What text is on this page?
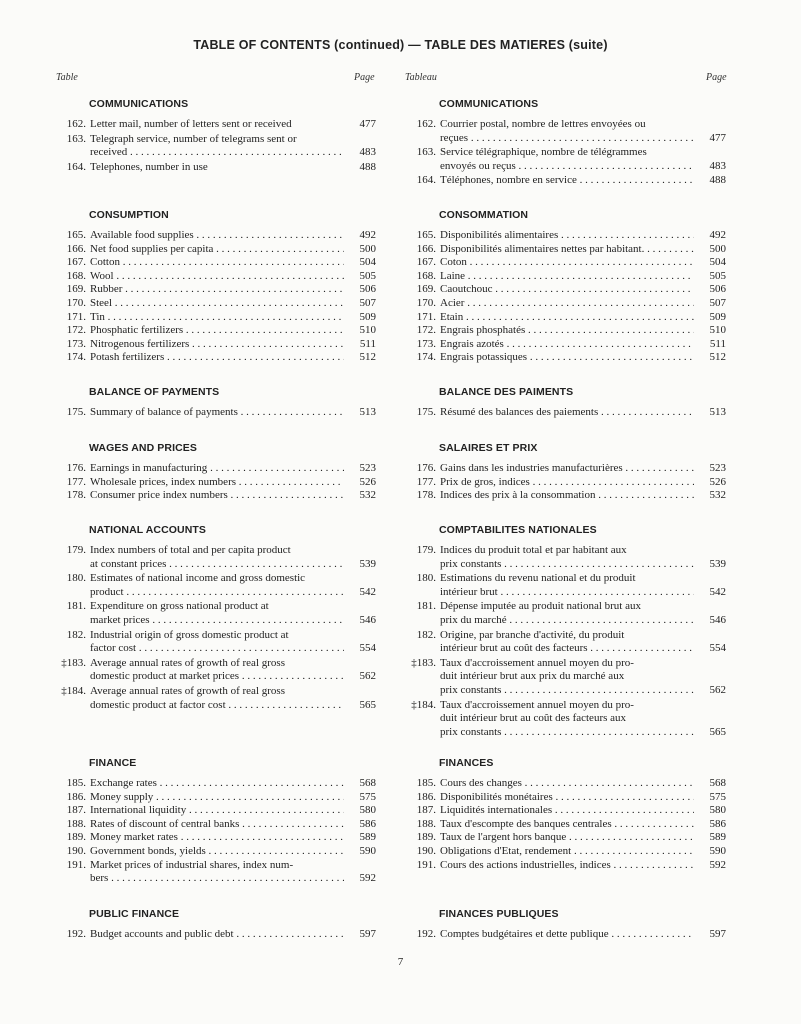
TABLE OF CONTENTS (continued) — TABLE DES MATIERES (suite)
Table	Page	Tableau	Page
COMMUNICATIONS
162. Letter mail, number of letters sent or received	477
163. Telegraph service, number of telegrams sent or
received . . .	483
164. Telephones, number in use	488
CONSUMPTION
165. Available food supplies . . .	492
166. Net food supplies per capita . . .	500
167. Cotton . . .	504
168. Wool . . .	505
169. Rubber . . .	506
170. Steel . . .	507
171. Tin . . .	509
172. Phosphatic fertilizers . . .	510
173. Nitrogenous fertilizers . . .	511
174. Potash fertilizers . . .	512
BALANCE OF PAYMENTS
175. Summary of balance of payments . . .	513
WAGES AND PRICES
176. Earnings in manufacturing . . .	523
177. Wholesale prices, index numbers . . .	526
178. Consumer price index numbers . . .	532
NATIONAL ACCOUNTS
179. Index numbers of total and per capita product
at constant prices . . .	539
180. Estimates of national income and gross domestic
product . . .	542
181. Expenditure on gross national product at
market prices . . .	546
182. Industrial origin of gross domestic product at
factor cost . . .	554
‡183. Average annual rates of growth of real gross
domestic product at market prices . . .	562
‡184. Average annual rates of growth of real gross
domestic product at factor cost . . .	565
FINANCE
185. Exchange rates . . .	568
186. Money supply . . .	575
187. International liquidity . . .	580
188. Rates of discount of central banks . . .	586
189. Money market rates . . .	589
190. Government bonds, yields . . .	590
191. Market prices of industrial shares, index num-
bers . . .	592
PUBLIC FINANCE
192. Budget accounts and public debt . . .	597
COMMUNICATIONS
162. Courrier postal, nombre de lettres envoyées ou
reçues . . .	477
163. Service télégraphique, nombre de télégrammes
envoyés ou reçus . . .	483
164. Téléphones, nombre en service . . .	488
CONSOMMATION
165. Disponibilités alimentaires . . .	492
166. Disponibilités alimentaires nettes par habitant. . . .	500
167. Coton . . .	504
168. Laine . . .	505
169. Caoutchouc . . .	506
170. Acier . . .	507
171. Etain . . .	509
172. Engrais phosphatés . . .	510
173. Engrais azotés . . .	511
174. Engrais potassiques . . .	512
BALANCE DES PAIMENTS
175. Résumé des balances des paiements . . .	513
SALAIRES ET PRIX
176. Gains dans les industries manufacturières . . .	523
177. Prix de gros, indices . . .	526
178. Indices des prix à la consommation . . .	532
COMPTABILITES NATIONALES
179. Indices du produit total et par habitant aux
prix constants . . .	539
180. Estimations du revenu national et du produit
intérieur brut . . .	542
181. Dépense imputée au produit national brut aux
prix du marché . . .	546
182. Origine, par branche d'activité, du produit
intérieur brut au coût des facteurs . . .	554
‡183. Taux d'accroissement annuel moyen du pro-
duit intérieur brut aux prix du marché aux
prix constants . . .	562
‡184. Taux d'accroissement annuel moyen du pro-
duit intérieur brut au coût des facteurs aux
prix constants . . .	565
FINANCES
185. Cours des changes . . .	568
186. Disponibilités monétaires . . .	575
187. Liquidités internationales . . .	580
188. Taux d'escompte des banques centrales . . .	586
189. Taux de l'argent hors banque . . .	589
190. Obligations d'Etat, rendement . . .	590
191. Cours des actions industrielles, indices . . .	592
FINANCES PUBLIQUES
192. Comptes budgétaires et dette publique . . .	597
7
